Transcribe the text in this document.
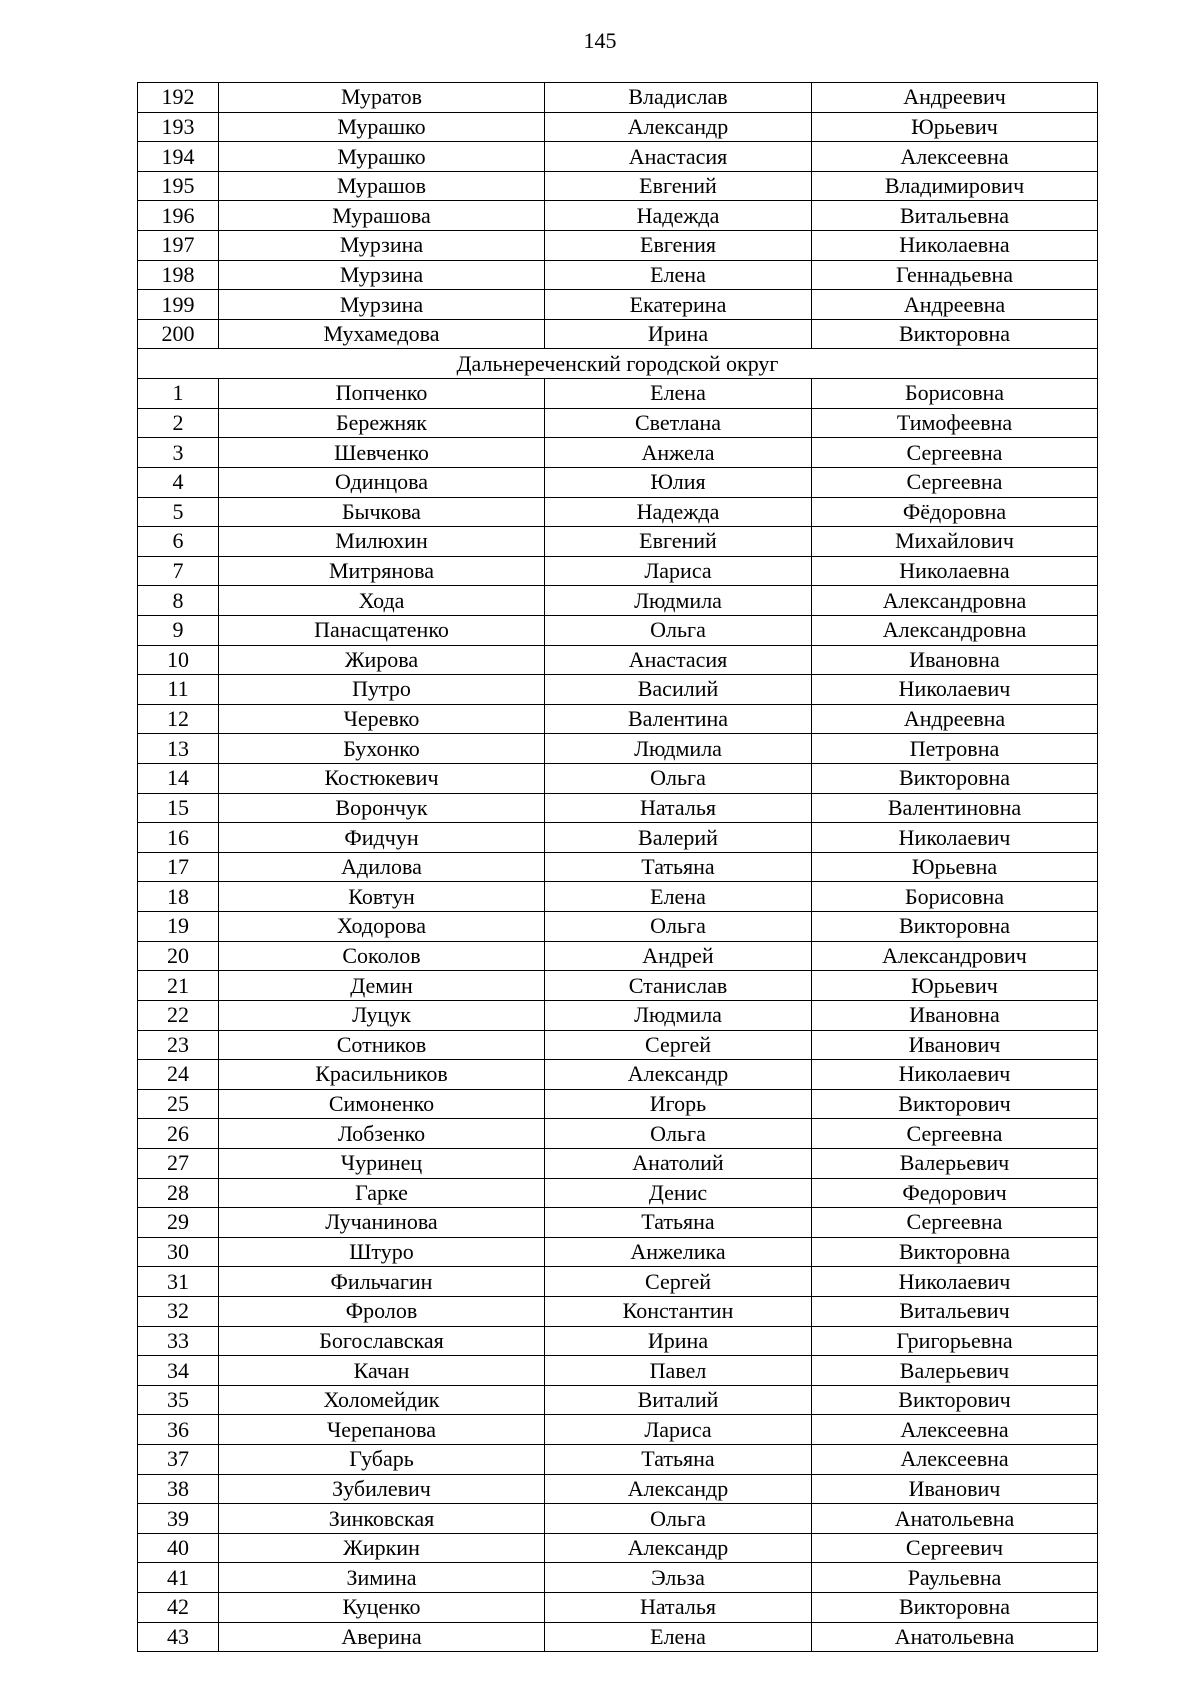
145
192	Муратов	Владислав	Андреевич
193	Мурашко	Александр	Юрьевич
194	Мурашко	Анастасия	Алексеевна
195	Мурашов	Евгений	Владимирович
196	Мурашова	Надежда	Витальевна
197	Мурзина	Евгения	Николаевна
198	Мурзина	Елена	Геннадьевна
199	Мурзина	Екатерина	Андреевна
200	Мухамедова	Ирина	Викторовна
Дальнереченский городской округ			
1	Попченко	Елена	Борисовна
2	Бережняк	Светлана	Тимофеевна
3	Шевченко	Анжела	Сергеевна
4	Одинцова	Юлия	Сергеевна
5	Бычкова	Надежда	Фёдоровна
6	Милюхин	Евгений	Михайлович
7	Митрянова	Лариса	Николаевна
8	Хода	Людмила	Александровна
9	Панасщатенко	Ольга	Александровна
10	Жирова	Анастасия	Ивановна
11	Путро	Василий	Николаевич
12	Черевко	Валентина	Андреевна
13	Бухонко	Людмила	Петровна
14	Костюкевич	Ольга	Викторовна
15	Ворончук	Наталья	Валентиновна
16	Фидчун	Валерий	Николаевич
17	Адилова	Татьяна	Юрьевна
18	Ковтун	Елена	Борисовна
19	Ходорова	Ольга	Викторовна
20	Соколов	Андрей	Александрович
21	Демин	Станислав	Юрьевич
22	Луцук	Людмила	Ивановна
23	Сотников	Сергей	Иванович
24	Красильников	Александр	Николаевич
25	Симоненко	Игорь	Викторович
26	Лобзенко	Ольга	Сергеевна
27	Чуринец	Анатолий	Валерьевич
28	Гарке	Денис	Федорович
29	Лучанинова	Татьяна	Сергеевна
30	Штуро	Анжелика	Викторовна
31	Фильчагин	Сергей	Николаевич
32	Фролов	Константин	Витальевич
33	Богославская	Ирина	Григорьевна
34	Качан	Павел	Валерьевич
35	Холомейдик	Виталий	Викторович
36	Черепанова	Лариса	Алексеевна
37	Губарь	Татьяна	Алексеевна
38	Зубилевич	Александр	Иванович
39	Зинковская	Ольга	Анатольевна
40	Жиркин	Александр	Сергеевич
41	Зимина	Эльза	Раульевна
42	Куценко	Наталья	Викторовна
43	Аверина	Елена	Анатольевна
